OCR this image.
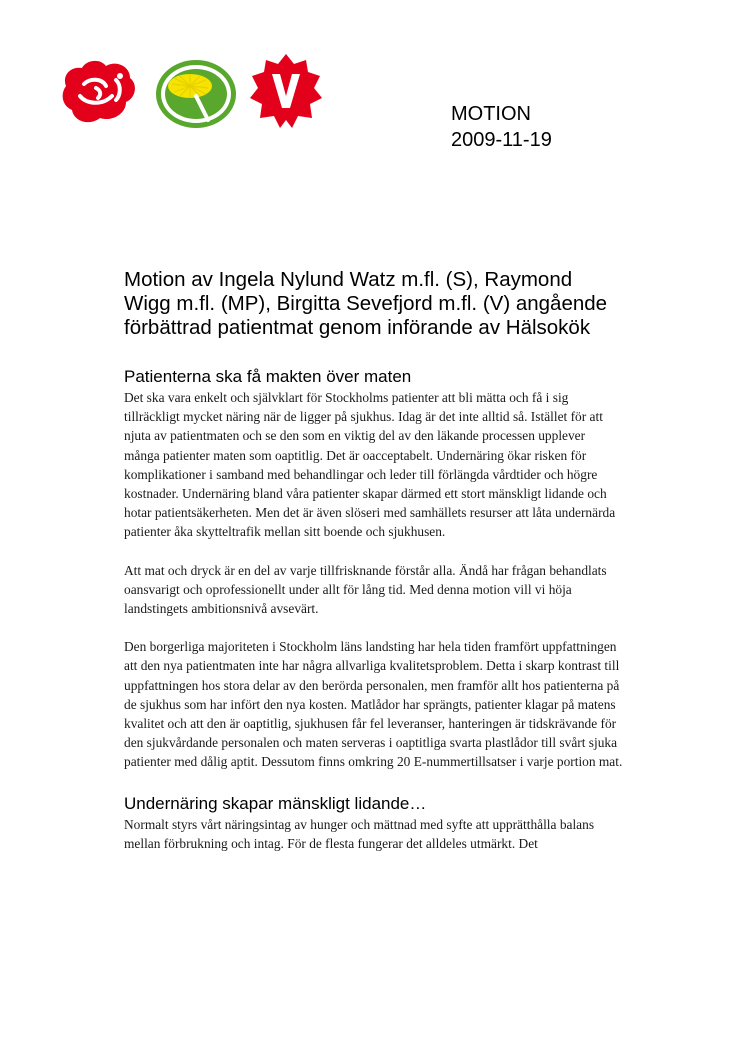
MOTION
2009-11-19
Motion av Ingela Nylund Watz m.fl. (S), Raymond Wigg m.fl. (MP), Birgitta Sevefjord m.fl. (V) angående förbättrad patientmat genom införande av Hälsokök
Patienterna ska få makten över maten

Det ska vara enkelt och självklart för Stockholms patienter att bli mätta och få i sig tillräckligt mycket näring när de ligger på sjukhus. Idag är det inte alltid så. Istället för att njuta av patientmaten och se den som en viktig del av den läkande processen upplever många patienter maten som oaptitlig. Det är oacceptabelt. Undernäring ökar risken för komplikationer i samband med behandlingar och leder till förlängda vårdtider och högre kostnader. Undernäring bland våra patienter skapar därmed ett stort mänskligt lidande och hotar patientsäkerheten. Men det är även slöseri med samhällets resurser att låta undernärda patienter åka skytteltrafik mellan sitt boende och sjukhusen.

Att mat och dryck är en del av varje tillfrisknande förstår alla. Ändå har frågan behandlats oansvarigt och oprofessionellt under allt för lång tid. Med denna motion vill vi höja landstingets ambitionsnivå avsevärt.

Den borgerliga majoriteten i Stockholm läns landsting har hela tiden framfört uppfattningen att den nya patientmaten inte har några allvarliga kvalitetsproblem. Detta i skarp kontrast till uppfattningen hos stora delar av den berörda personalen, men framför allt hos patienterna på de sjukhus som har infört den nya kosten. Matlådor har sprängts, patienter klagar på matens kvalitet och att den är oaptitlig, sjukhusen får fel leveranser, hanteringen är tidskrävande för den sjukvårdande personalen och maten serveras i oaptitliga svarta plastlådor till svårt sjuka patienter med dålig aptit. Dessutom finns omkring 20 E-nummertillsatser i varje portion mat.

Undernäring skapar mänskligt lidande…

Normalt styrs vårt näringsintag av hunger och mättnad med syfte att upprätthålla balans mellan förbrukning och intag. För de flesta fungerar det alldeles utmärkt. Det
